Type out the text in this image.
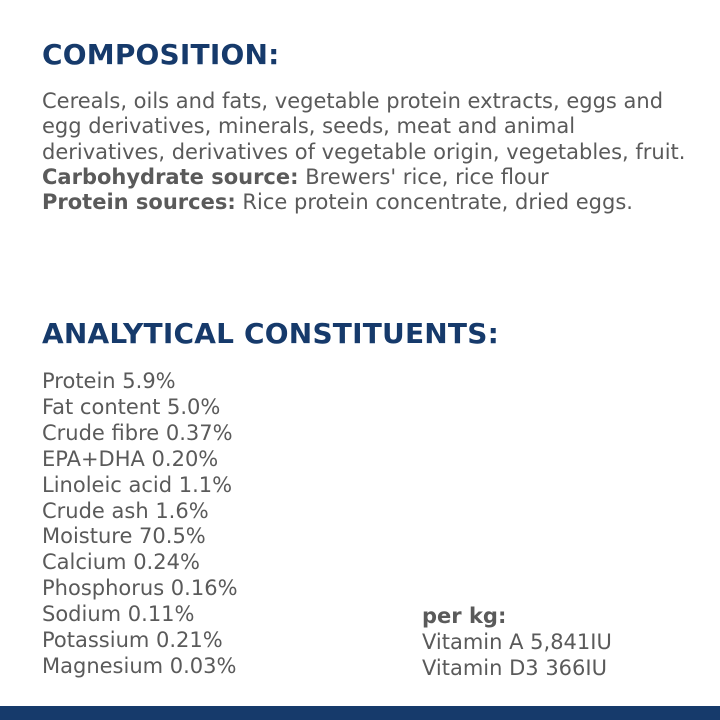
COMPOSITION:

Cereals, oils and fats, vegetable protein extracts, eggs and egg derivatives, minerals, seeds, meat and animal derivatives, derivatives of vegetable origin, vegetables, fruit.

Carbohydrate source: Brewers' rice, rice flour

Protein sources: Rice protein concentrate, dried eggs.

ANALYTICAL CONSTITUENTS:
Protein 5.9%
Fat content 5.0%
Crude fibre 0.37%
EPA+DHA 0.20%
Linoleic acid 1.1%
Crude ash 1.6%
Moisture 70.5%
Calcium 0.24%
Phosphorus 0.16%
Sodium 0.11%
Potassium 0.21%
Magnesium 0.03%
per kg:
Vitamin A 5,841IU
Vitamin D3 366IU
